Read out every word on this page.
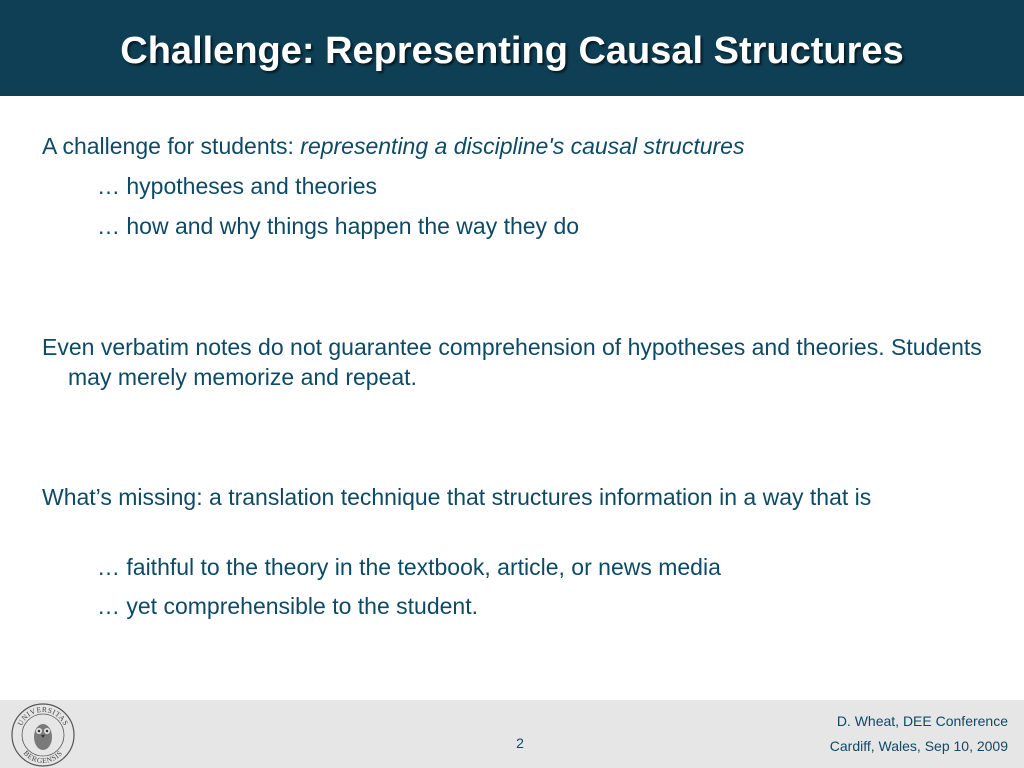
Challenge: Representing Causal Structures

A challenge for students: representing a discipline's causal structures

… hypotheses and theories

… how and why things happen the way they do

Even verbatim notes do not guarantee comprehension of hypotheses and theories. Students may merely memorize and repeat.

What’s missing: a translation technique that structures information in a way that is

… faithful to the theory in the textbook, article, or news media

… yet comprehensible to the student.

UNIVERSITAS
BERGENSIS
2
D. Wheat, DEE Conference
Cardiff, Wales, Sep 10, 2009
